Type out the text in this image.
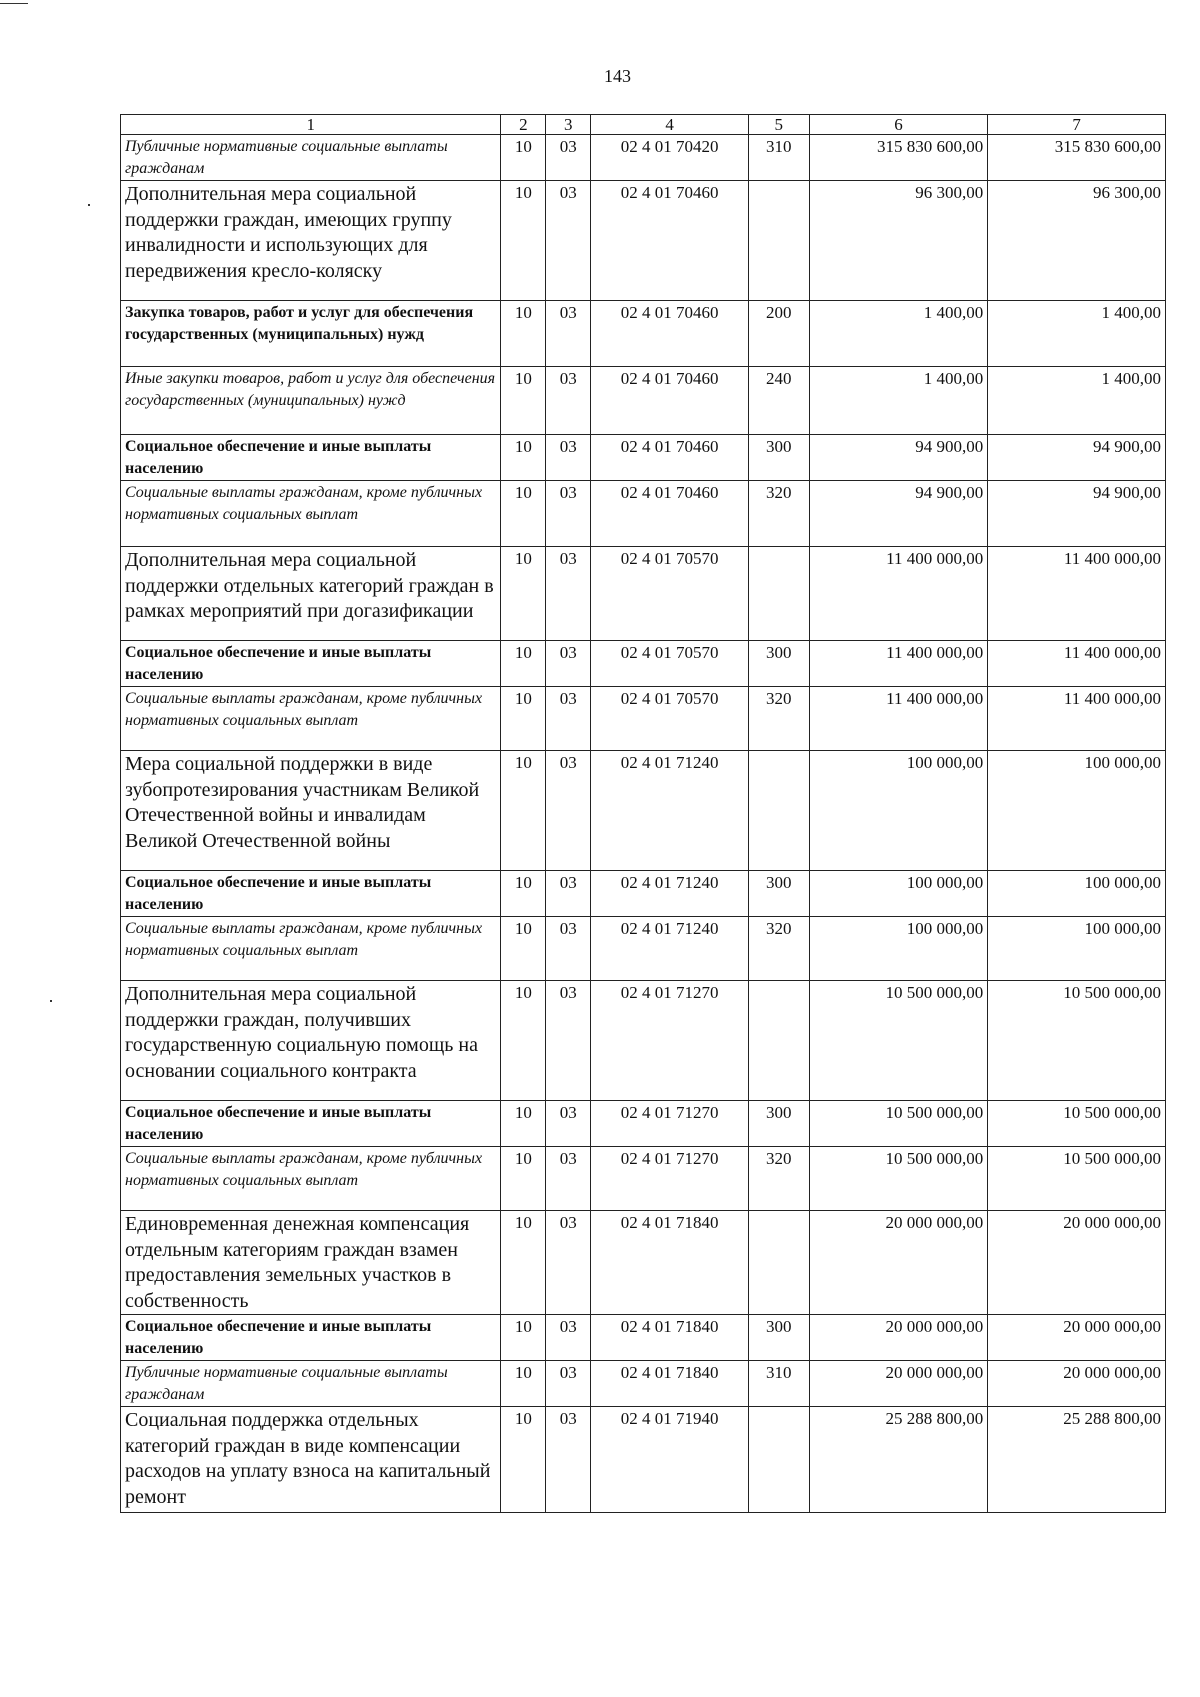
143
1	2	3	4	5	6	7
Публичные нормативные социальные выплаты гражданам	10	03	02 4 01 70420	310	315 830 600,00	315 830 600,00
Дополнительная мера социальной поддержки граждан, имеющих группу инвалидности и использующих для передвижения кресло-коляску	10	03	02 4 01 70460		96 300,00	96 300,00
Закупка товаров, работ и услуг для обеспечения государственных (муниципальных) нужд	10	03	02 4 01 70460	200	1 400,00	1 400,00
Иные закупки товаров, работ и услуг для обеспечения государственных (муниципальных) нужд	10	03	02 4 01 70460	240	1 400,00	1 400,00
Социальное обеспечение и иные выплаты населению	10	03	02 4 01 70460	300	94 900,00	94 900,00
Социальные выплаты гражданам, кроме публичных нормативных социальных выплат	10	03	02 4 01 70460	320	94 900,00	94 900,00
Дополнительная мера социальной поддержки отдельных категорий граждан в рамках мероприятий при догазификации	10	03	02 4 01 70570		11 400 000,00	11 400 000,00
Социальное обеспечение и иные выплаты населению	10	03	02 4 01 70570	300	11 400 000,00	11 400 000,00
Социальные выплаты гражданам, кроме публичных нормативных социальных выплат	10	03	02 4 01 70570	320	11 400 000,00	11 400 000,00
Мера социальной поддержки в виде зубопротезирования участникам Великой Отечественной войны и инвалидам Великой Отечественной войны	10	03	02 4 01 71240		100 000,00	100 000,00
Социальное обеспечение и иные выплаты населению	10	03	02 4 01 71240	300	100 000,00	100 000,00
Социальные выплаты гражданам, кроме публичных нормативных социальных выплат	10	03	02 4 01 71240	320	100 000,00	100 000,00
Дополнительная мера социальной поддержки граждан, получивших государственную социальную помощь на основании социального контракта	10	03	02 4 01 71270		10 500 000,00	10 500 000,00
Социальное обеспечение и иные выплаты населению	10	03	02 4 01 71270	300	10 500 000,00	10 500 000,00
Социальные выплаты гражданам, кроме публичных нормативных социальных выплат	10	03	02 4 01 71270	320	10 500 000,00	10 500 000,00
Единовременная денежная компенсация отдельным категориям граждан взамен предоставления земельных участков в собственность	10	03	02 4 01 71840		20 000 000,00	20 000 000,00
Социальное обеспечение и иные выплаты населению	10	03	02 4 01 71840	300	20 000 000,00	20 000 000,00
Публичные нормативные социальные выплаты гражданам	10	03	02 4 01 71840	310	20 000 000,00	20 000 000,00
Социальная поддержка отдельных категорий граждан в виде компенсации расходов на уплату взноса на капитальный ремонт	10	03	02 4 01 71940		25 288 800,00	25 288 800,00
